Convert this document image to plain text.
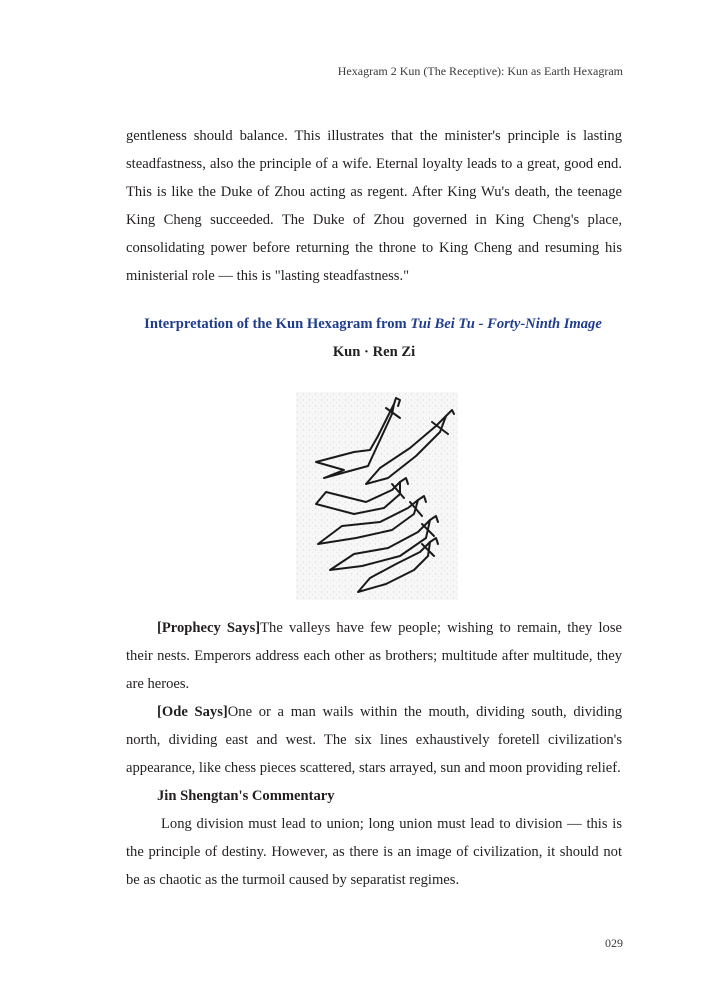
Hexagram 2 Kun (The Receptive): Kun as Earth Hexagram

gentleness should balance. This illustrates that the minister's principle is lasting steadfastness, also the principle of a wife. Eternal loyalty leads to a great, good end. This is like the Duke of Zhou acting as regent. After King Wu's death, the teenage King Cheng succeeded. The Duke of Zhou governed in King Cheng's place, consolidating power before returning the throne to King Cheng and resuming his ministerial role — this is "lasting steadfastness."

Interpretation of the Kun Hexagram from Tui Bei Tu - Forty-Ninth Image
Kun · Ren Zi

[Prophecy Says]The valleys have few people; wishing to remain, they lose their nests. Emperors address each other as brothers; multitude after multitude, they are heroes.

[Ode Says]One or a man wails within the mouth, dividing south, dividing north, dividing east and west. The six lines exhaustively foretell civilization's appearance, like chess pieces scattered, stars arrayed, sun and moon providing relief.

Jin Shengtan's Commentary

Long division must lead to union; long union must lead to division — this is the principle of destiny. However, as there is an image of civilization, it should not be as chaotic as the turmoil caused by separatist regimes.

029
